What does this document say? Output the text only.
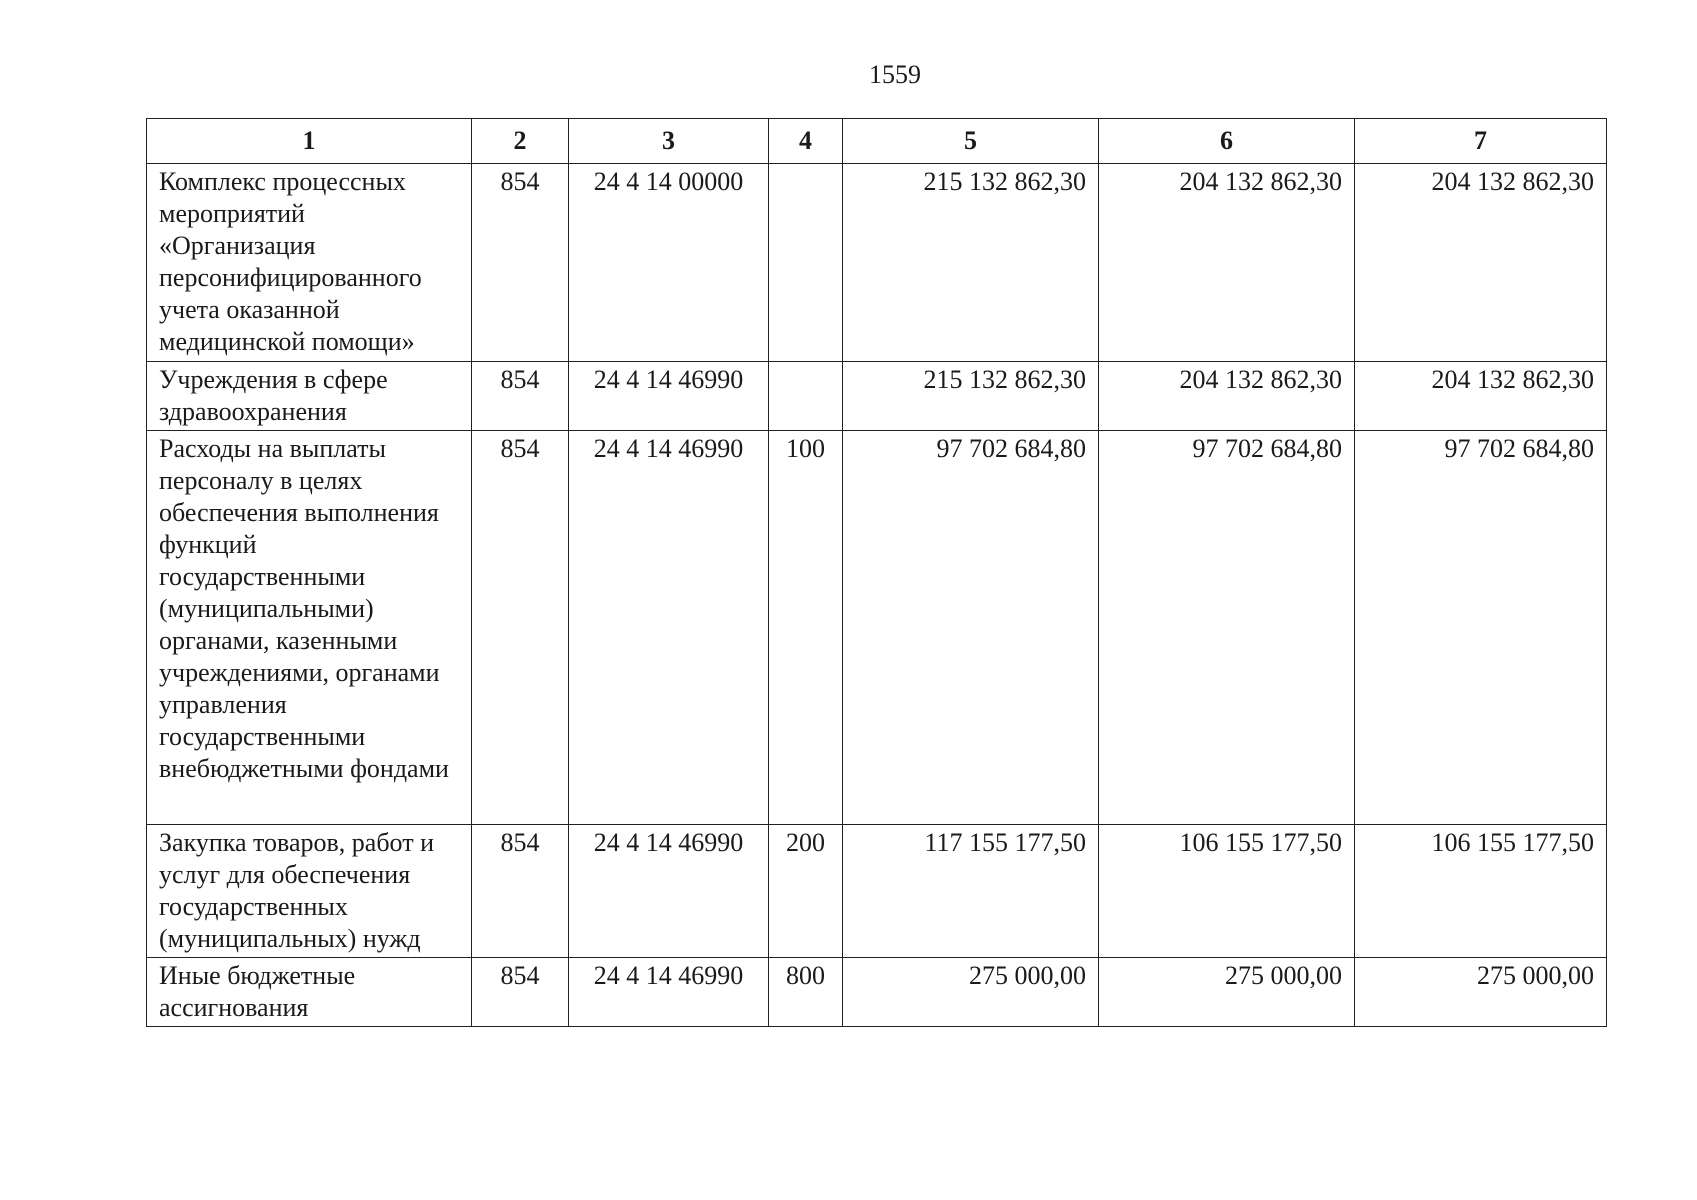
1559
1	2	3	4	5	6	7
Комплекс процессных мероприятий «Организация персонифицированного учета оказанной медицинской помощи»	854	24 4 14 00000		215 132 862,30	204 132 862,30	204 132 862,30
Учреждения в сфере здравоохранения	854	24 4 14 46990		215 132 862,30	204 132 862,30	204 132 862,30
Расходы на выплаты персоналу в целях обеспечения выполнения функций государственными (муниципальными) органами, казенными учреждениями, органами управления государственными внебюджетными фондами	854	24 4 14 46990	100	97 702 684,80	97 702 684,80	97 702 684,80
Закупка товаров, работ и услуг для обеспечения государственных (муниципальных) нужд	854	24 4 14 46990	200	117 155 177,50	106 155 177,50	106 155 177,50
Иные бюджетные ассигнования	854	24 4 14 46990	800	275 000,00	275 000,00	275 000,00
